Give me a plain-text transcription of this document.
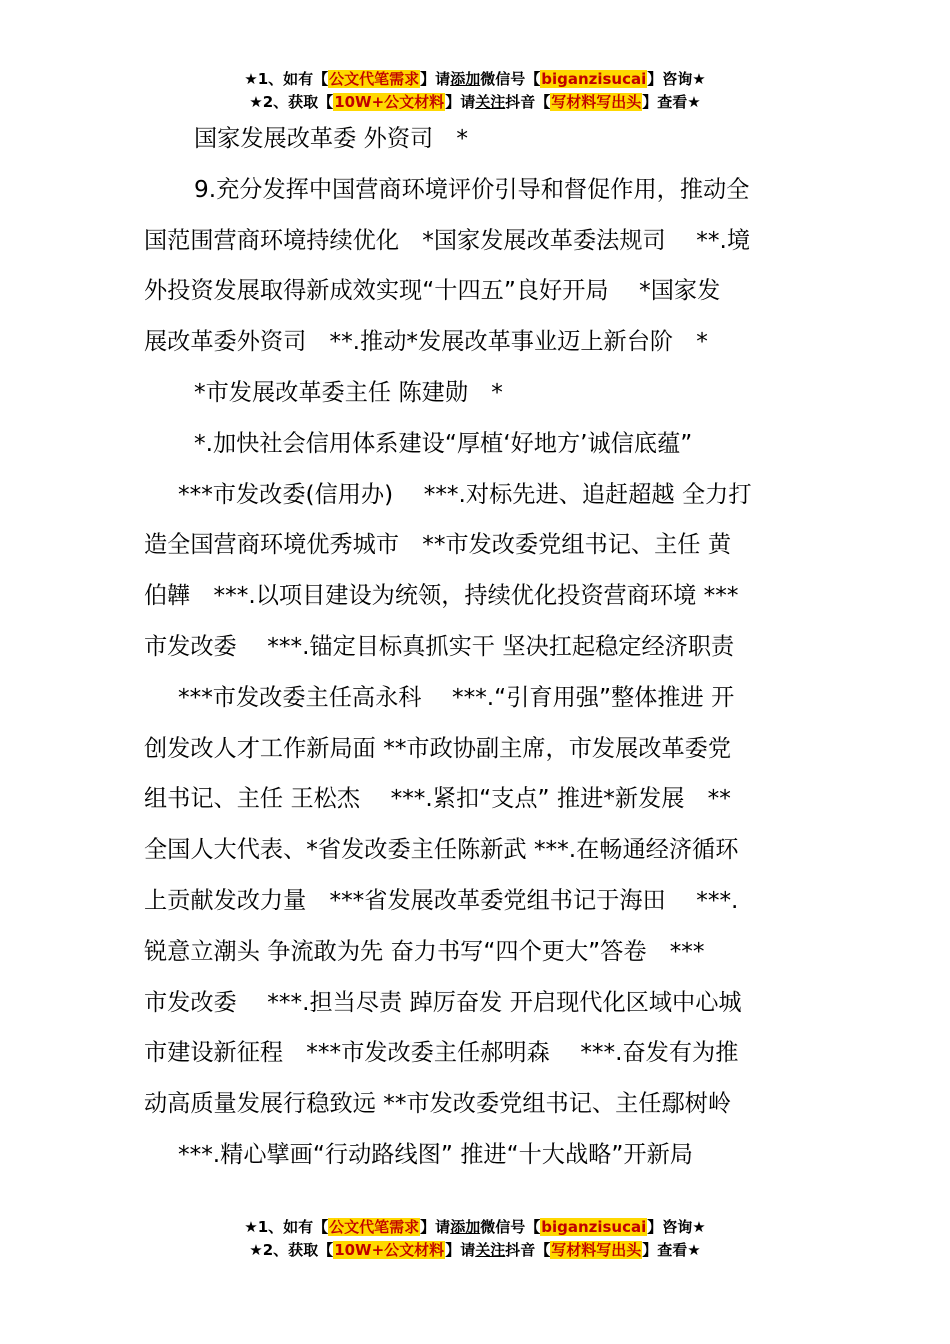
★1、如有【公文代笔需求】请添加微信号【biganzisucai】咨询★
★2、获取【10W+公文材料】请关注抖音【写材料写出头】查看★
国家发展改革委 外资司　*
9.充分发挥中国营商环境评价引导和督促作用，推动全
国范围营商环境持续优化　*国家发展改革委法规司　 **.境
外投资发展取得新成效实现“十四五”良好开局　 *国家发
展改革委外资司　**.推动*发展改革事业迈上新台阶　*
*市发展改革委主任 陈建勋　*
*.加快社会信用体系建设“厚植‘好地方’诚信底蕴”
***市发改委(信用办)　 ***.对标先进、追赶超越 全力打
造全国营商环境优秀城市　**市发改委党组书记、主任 黄
伯韡　***.以项目建设为统领，持续优化投资营商环境 ***
市发改委　 ***.锚定目标真抓实干 坚决扛起稳定经济职责
***市发改委主任高永科　 ***.“引育用强”整体推进 开
创发改人才工作新局面 **市政协副主席，市发展改革委党
组书记、主任 王松杰　 ***.紧扣“支点” 推进*新发展　**
全国人大代表、*省发改委主任陈新武 ***.在畅通经济循环
上贡献发改力量　***省发展改革委党组书记于海田　 ***.
锐意立潮头 争流敢为先 奋力书写“四个更大”答卷　***
市发改委　 ***.担当尽责 踔厉奋发 开启现代化区域中心城
市建设新征程　***市发改委主任郝明森　 ***.奋发有为推
动高质量发展行稳致远 **市发改委党组书记、主任鄢树岭
***.精心擘画“行动路线图” 推进“十大战略”开新局
★1、如有【公文代笔需求】请添加微信号【biganzisucai】咨询★
★2、获取【10W+公文材料】请关注抖音【写材料写出头】查看★
